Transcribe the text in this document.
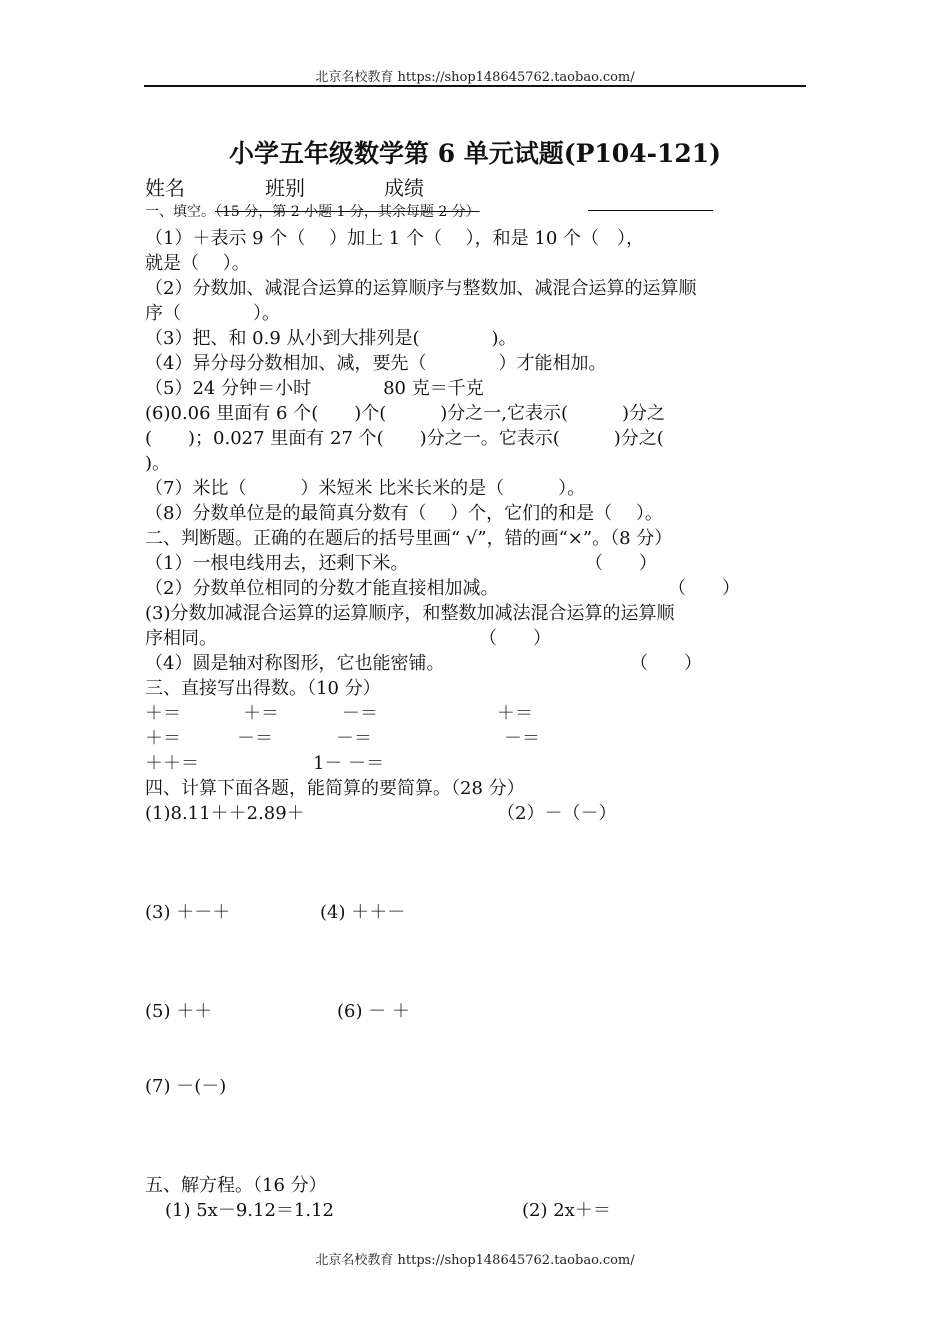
北京名校教育 https://shop148645762.taobao.com/
小学五年级数学第 6 单元试题(P104-121)
姓名	班别	成绩
一、填空。（15 分，第 2 小题 1 分，其余每题 2 分）
（1）＋表示 9 个（　 ）加上 1 个（　 ），和是 10 个（　），
就是（　 ）。
（2）分数加、减混合运算的运算顺序与整数加、减混合运算的运算顺
序（　　　　）。
（3）把、和 0.9 从小到大排列是(　　　　)。
（4）异分母分数相加、减，要先（　　　　）才能相加。
（5）24 分钟＝小时　　　　80 克＝千克
(6)0.06 里面有 6 个(　　)个(　　　)分之一,它表示(　　　)分之
(　　)；0.027 里面有 27 个(　　)分之一。它表示(　　　)分之(
)。
（7）米比（　　　）米短米 比米长米的是（　　　）。
（8）分数单位是的最简真分数有（　 ）个，它们的和是（　 ）。
二、判断题。正确的在题后的括号里画“ √”，错的画“×”。（8 分）
（1）一根电线用去，还剩下米。	（　　）
（2）分数单位相同的分数才能直接相加减。	（　　）
(3)分数加减混合运算的运算顺序，和整数加减法混合运算的运算顺
序相同。	（　　）
（4）圆是轴对称图形，它也能密铺。	（　　）
三、直接写出得数。（10 分）
＋＝	＋＝	－＝	＋＝
＋＝	－＝	－＝	－＝
＋＋＝	1－ －＝
四、计算下面各题，能简算的要简算。（28 分）
(1)8.11＋＋2.89＋	（2）－（－）
(3) ＋－＋	(4) ＋＋－
(5) ＋＋	(6) － ＋
(7) －(－)
五、解方程。（16 分）
(1) 5x－9.12＝1.12	(2) 2x＋＝
北京名校教育 https://shop148645762.taobao.com/
